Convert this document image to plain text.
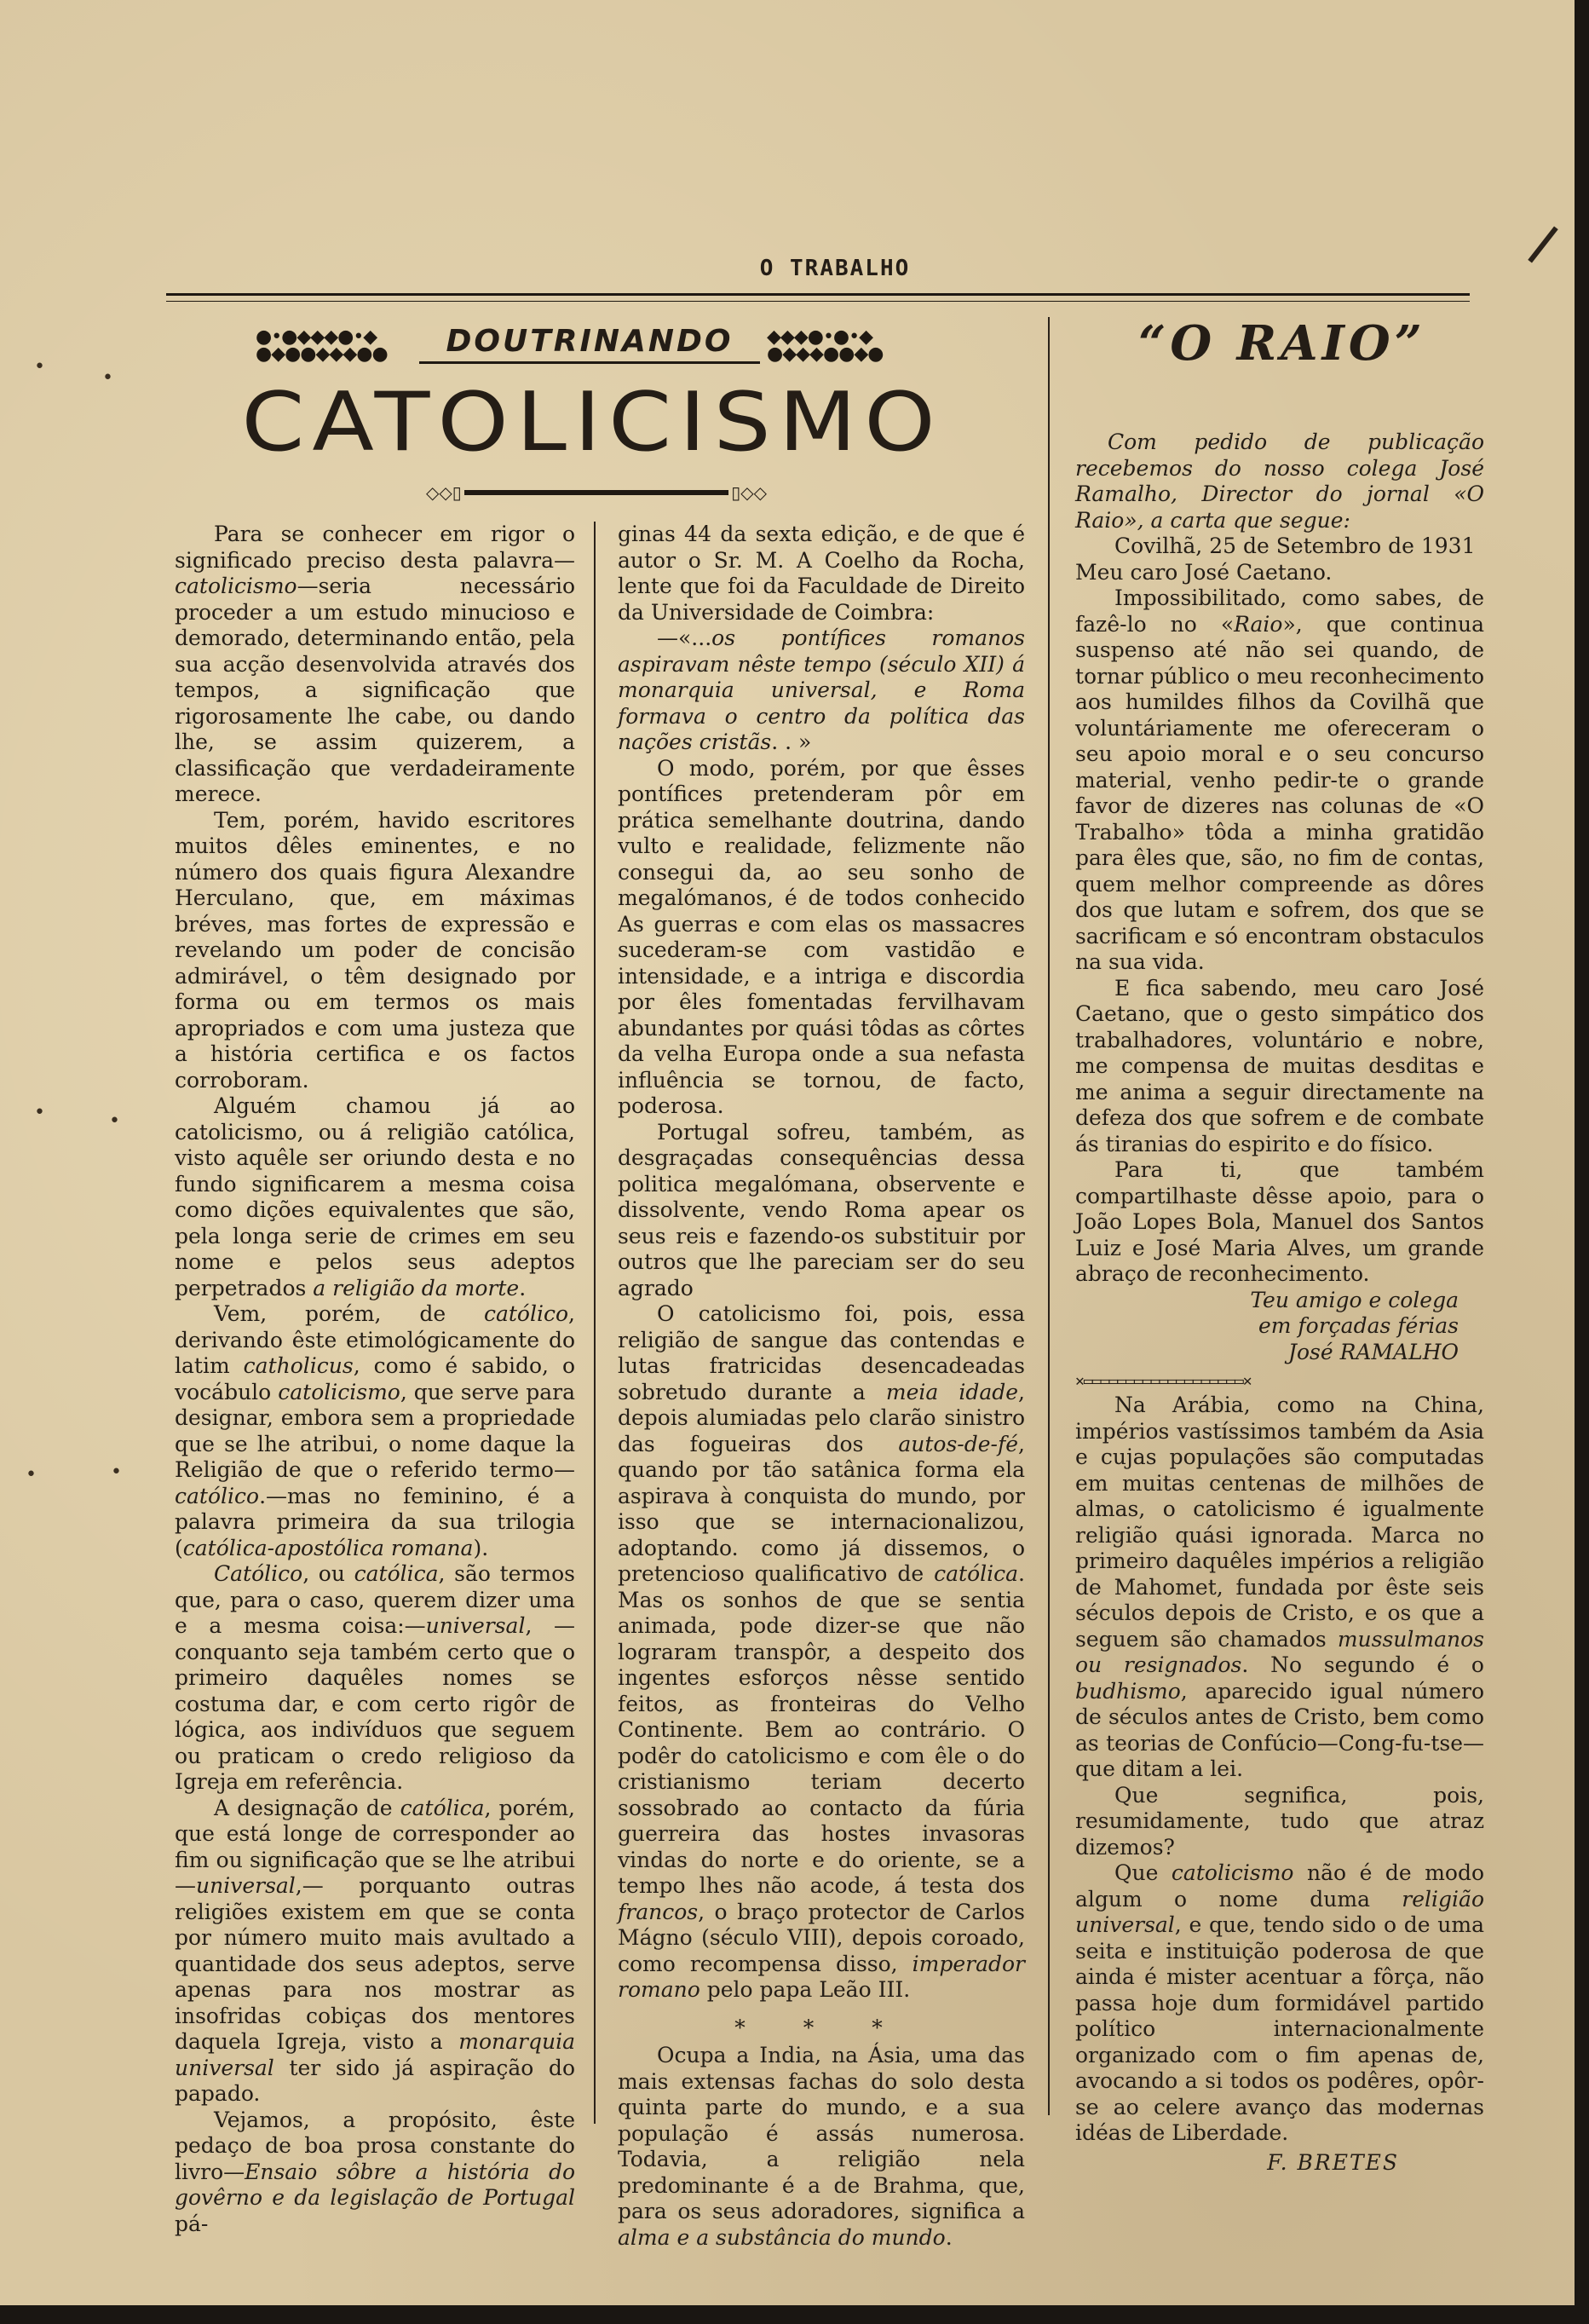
•
•
•	•
•	•
O TRABALHO
●•●◆◆◆●•◆
●◆●●◆◆◆●●	DOUTRINANDO	◆◆◆●•●•◆
●◆◆◆●●◆●
CATOLICISMO
◇◇▯	▯◇◇

Para se conhecer em rigor o significado preciso desta palavra—catolicismo—seria necessário proceder a um estudo minucioso e demorado, determinando então, pela sua acção desenvolvida através dos tempos, a significação que rigorosamente lhe cabe, ou dando lhe, se assim quizerem, a classificação que verdadeiramente merece.

Tem, porém, havido escritores muitos dêles eminentes, e no número dos quais figura Alexandre Herculano, que, em máximas bréves, mas fortes de expressão e revelando um poder de concisão admirável, o têm designado por forma ou em termos os mais apropriados e com uma justeza que a história certifica e os factos corroboram.

Alguém chamou já ao catolicismo, ou á religião católica, visto aquêle ser oriundo desta e no fundo significarem a mesma coisa como dições equivalentes que são, pela longa serie de crimes em seu nome e pelos seus adeptos perpetrados a religião da morte.

Vem, porém, de católico, derivando êste etimológicamente do latim catholicus, como é sabido, o vocábulo catolicismo, que serve para designar, embora sem a propriedade que se lhe atribui, o nome daque la Religião de que o referido termo—católico.—mas no feminino, é a palavra primeira da sua trilogia (católica-apostólica romana).

Católico, ou católica, são termos que, para o caso, querem dizer uma e a mesma coisa:—universal, — conquanto seja também certo que o primeiro daquêles nomes se costuma dar, e com certo rigôr de lógica, aos indivíduos que seguem ou praticam o credo religioso da Igreja em referência.

A designação de católica, porém, que está longe de corresponder ao fim ou significação que se lhe atribui—universal,— porquanto outras religiões existem em que se conta por número muito mais avultado a quantidade dos seus adeptos, serve apenas para nos mostrar as insofridas cobiças dos mentores daquela Igreja, visto a monarquia universal ter sido já aspiração do papado.

Vejamos, a propósito, êste pedaço de boa prosa constante do livro—Ensaio sôbre a história do govêrno e da legislação de Portugal pá-

ginas 44 da sexta edição, e de que é autor o Sr. M. A Coelho da Rocha, lente que foi da Faculdade de Direito da Universidade de Coimbra:

—«...os pontífices romanos aspiravam nêste tempo (século XII) á monarquia universal, e Roma formava o centro da política das nações cristãs. . »

O modo, porém, por que êsses pontífices pretenderam pôr em prática semelhante doutrina, dando vulto e realidade, felizmente não consegui da, ao seu sonho de megalómanos, é de todos conhecido As guerras e com elas os massacres sucederam-se com vastidão e intensidade, e a intriga e discordia por êles fomentadas fervilhavam abundantes por quási tôdas as côrtes da velha Europa onde a sua nefasta influência se tornou, de facto, poderosa.

Portugal sofreu, também, as desgraçadas consequências dessa politica megalómana, observente e dissolvente, vendo Roma apear os seus reis e fazendo-os substituir por outros que lhe pareciam ser do seu agrado

O catolicismo foi, pois, essa religião de sangue das contendas e lutas fratricidas desencadeadas sobretudo durante a meia idade, depois alumiadas pelo clarão sinistro das fogueiras dos autos-de-fé, quando por tão satânica forma ela aspirava à conquista do mundo, por isso que se internacionalizou, adoptando. como já dissemos, o pretencioso qualificativo de católica. Mas os sonhos de que se sentia animada, pode dizer-se que não lograram transpôr, a despeito dos ingentes esforços nêsse sentido feitos, as fronteiras do Velho Continente. Bem ao contrário. O podêr do catolicismo e com êle o do cristianismo teriam decerto sossobrado ao contacto da fúria guerreira das hostes invasoras vindas do norte e do oriente, se a tempo lhes não acode, á testa dos francos, o braço protector de Carlos Mágno (século VIII), depois coroado, como recompensa disso, imperador romano pelo papa Leão III.

* * *

Ocupa a India, na Ásia, uma das mais extensas fachas do solo desta quinta parte do mundo, e a sua população é assás numerosa. Todavia, a religião nela predominante é a de Brahma, que, para os seus adoradores, significa a alma e a substância do mundo.

“O RAIO”

Com pedido de publicação recebemos do nosso colega José Ramalho, Director do jornal «O Raio», a carta que segue:

Covilhã, 25 de Setembro de 1931

Meu caro José Caetano.

Impossibilitado, como sabes, de fazê-lo no «Raio», que continua suspenso até não sei quando, de tornar público o meu reconhecimento aos humildes filhos da Covilhã que voluntáriamente me ofereceram o seu apoio moral e o seu concurso material, venho pedir-te o grande favor de dizeres nas colunas de «O Trabalho» tôda a minha gratidão para êles que, são, no fim de contas, quem melhor compreende as dôres dos que lutam e sofrem, dos que se sacrificam e só encontram obstaculos na sua vida.

E fica sabendo, meu caro José Caetano, que o gesto simpático dos trabalhadores, voluntário e nobre, me compensa de muitas desditas e me anima a seguir directamente na defeza dos que sofrem e de combate ás tiranias do espirito e do físico.

Para ti, que também compartilhaste dêsse apoio, para o João Lopes Bola, Manuel dos Santos Luiz e José Maria Alves, um grande abraço de reconhecimento.

Teu amigo e colega
em forçadas férias
José RAMALHO
✕▭▭▭▭▭▭▭▭▭▭▭▭▭▭▭▭▭▭▭✕

Na Arábia, como na China, impérios vastíssimos também da Asia e cujas populações são computadas em muitas centenas de milhões de almas, o catolicismo é igualmente religião quási ignorada. Marca no primeiro daquêles impérios a religião de Mahomet, fundada por êste seis séculos depois de Cristo, e os que a seguem são chamados mussulmanos ou resignados. No segundo é o budhismo, aparecido igual número de séculos antes de Cristo, bem como as teorias de Confúcio—Cong-fu-tse—que ditam a lei.

Que segnifica, pois, resumidamente, tudo que atraz dizemos?

Que catolicismo não é de modo algum o nome duma religião universal, e que, tendo sido o de uma seita e instituição poderosa de que ainda é mister acentuar a fôrça, não passa hoje dum formidável partido político internacionalmente organizado com o fim apenas de, avocando a si todos os podêres, opôr-se ao celere avanço das modernas idéas de Liberdade.

F. BRETES
